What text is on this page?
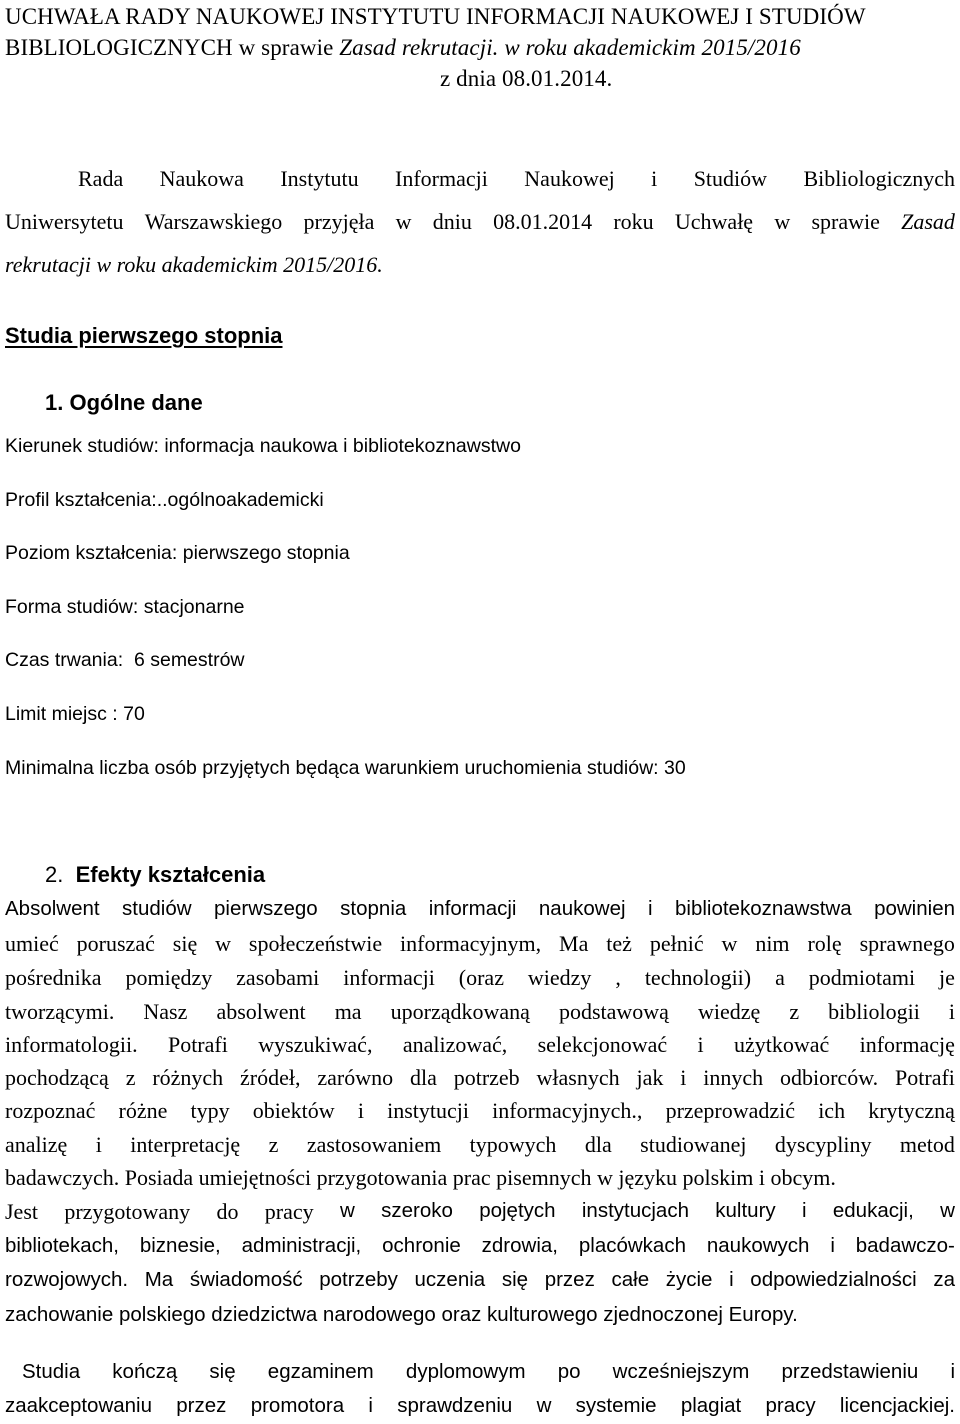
UCHWAŁA RADY NAUKOWEJ INSTYTUTU INFORMACJI NAUKOWEJ I STUDIÓW
BIBLIOLOGICZNYCH w sprawie Zasad rekrutacji. w roku akademickim 2015/2016
z dnia 08.01.2014.
Rada Naukowa Instytutu Informacji Naukowej i Studiów Bibliologicznych
Uniwersytetu Warszawskiego przyjęła w dniu 08.01.2014 roku Uchwałę w sprawie Zasad
rekrutacji w roku akademickim 2015/2016.
Studia pierwszego stopnia
1. Ogólne dane
Kierunek studiów: informacja naukowa i bibliotekoznawstwo
Profil kształcenia:..ogólnoakademicki
Poziom kształcenia: pierwszego stopnia
Forma studiów: stacjonarne
Czas trwania:  6 semestrów
Limit miejsc : 70
Minimalna liczba osób przyjętych będąca warunkiem uruchomienia studiów: 30
2. Efekty kształcenia
Absolwent studiów pierwszego stopnia informacji naukowej i bibliotekoznawstwa powinien
umieć poruszać się w społeczeństwie informacyjnym, Ma też pełnić w nim rolę sprawnego
pośrednika pomiędzy zasobami informacji (oraz wiedzy , technologii) a podmiotami je
tworzącymi. Nasz absolwent ma uporządkowaną podstawową wiedzę z bibliologii i
informatologii. Potrafi wyszukiwać, analizować, selekcjonować i użytkować informację
pochodzącą z różnych źródeł, zarówno dla potrzeb własnych jak i innych odbiorców. Potrafi
rozpoznać różne typy obiektów i instytucji informacyjnych., przeprowadzić ich krytyczną
analizę i interpretację z zastosowaniem typowych dla studiowanej dyscypliny metod
badawczych. Posiada umiejętności przygotowania prac pisemnych w języku polskim i obcym.
Jest przygotowany do pracy w szeroko pojętych instytucjach kultury i edukacji, w
bibliotekach, biznesie, administracji, ochronie zdrowia, placówkach naukowych i badawczo-
rozwojowych. Ma świadomość potrzeby uczenia się przez całe życie i odpowiedzialności za
zachowanie polskiego dziedzictwa narodowego oraz kulturowego zjednoczonej Europy.
Studia kończą się egzaminem dyplomowym po wcześniejszym przedstawieniu i
zaakceptowaniu przez promotora i sprawdzeniu w systemie plagiat pracy licencjackiej.
